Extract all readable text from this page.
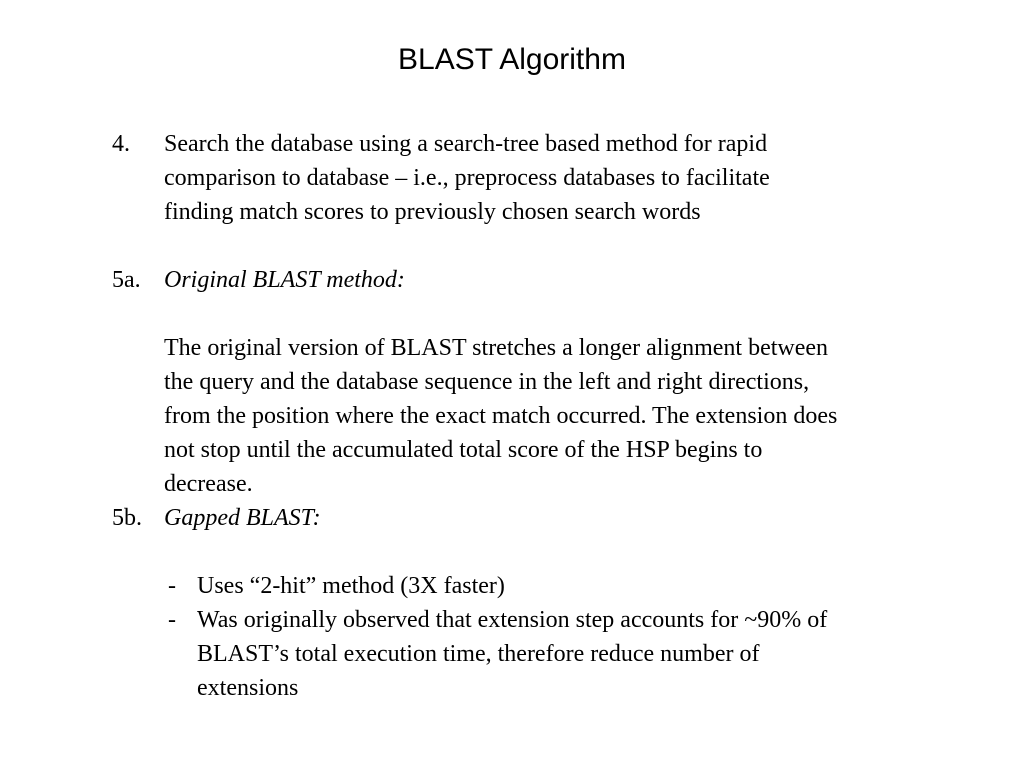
BLAST Algorithm
4. Search the database using a search-tree based method for rapid
comparison to database – i.e., preprocess databases to facilitate
finding match scores to previously chosen search words
5a. Original BLAST method:
The original version of BLAST stretches a longer alignment between
the query and the database sequence in the left and right directions,
from the position where the exact match occurred. The extension does
not stop until the accumulated total score of the HSP begins to
decrease.
5b. Gapped BLAST:
- Uses “2-hit” method (3X faster)
- Was originally observed that extension step accounts for ~90% of
BLAST’s total execution time, therefore reduce number of
extensions
